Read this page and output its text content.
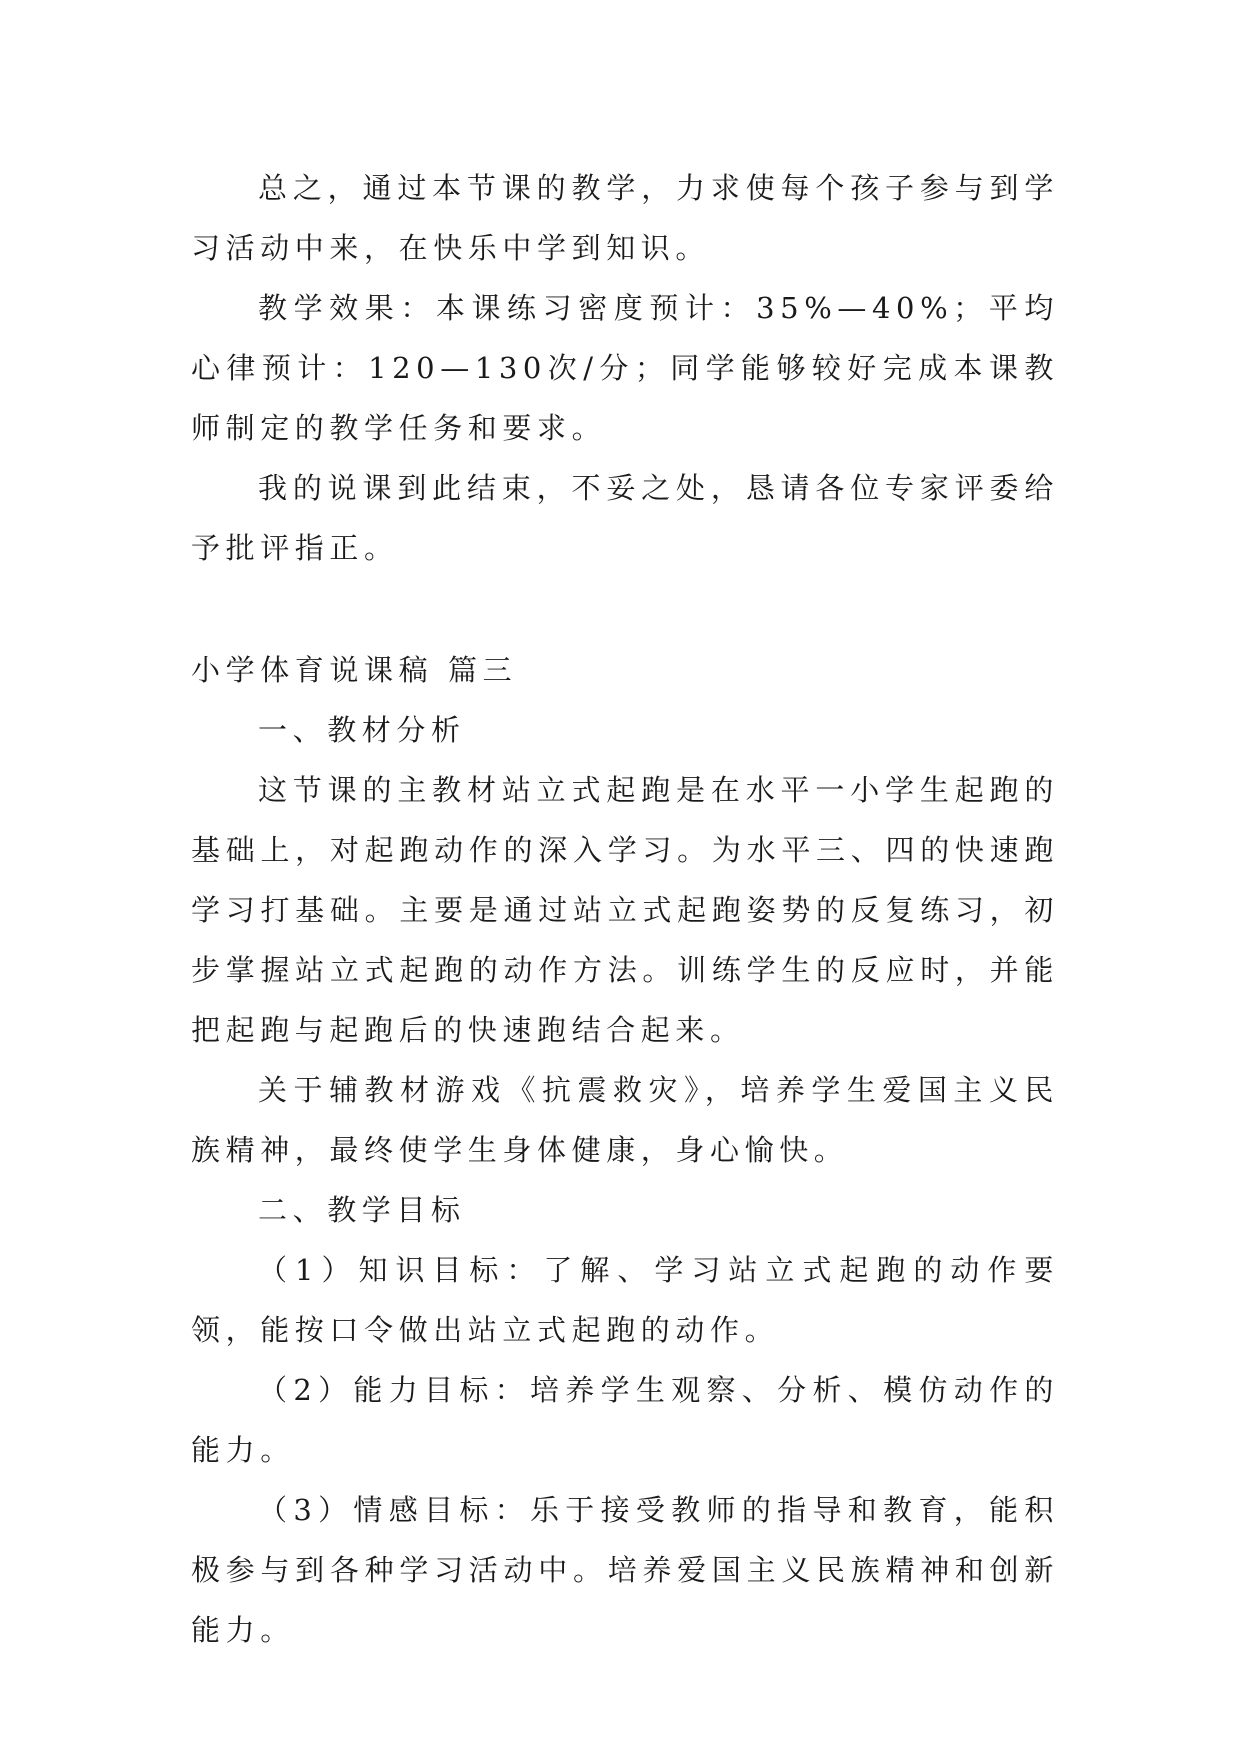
总之，通过本节课的教学，力求使每个孩子参与到学习活动中来，在快乐中学到知识。

教学效果：本课练习密度预计：35%—40%；平均心律预计：120—130次/分；同学能够较好完成本课教师制定的教学任务和要求。

我的说课到此结束，不妥之处，恳请各位专家评委给予批评指正。

小学体育说课稿 篇三

一、教材分析

这节课的主教材站立式起跑是在水平一小学生起跑的基础上，对起跑动作的深入学习。为水平三、四的快速跑学习打基础。主要是通过站立式起跑姿势的反复练习，初步掌握站立式起跑的动作方法。训练学生的反应时，并能把起跑与起跑后的快速跑结合起来。

关于辅教材游戏《抗震救灾》，培养学生爱国主义民族精神，最终使学生身体健康，身心愉快。

二、教学目标

（1）知识目标：了解、学习站立式起跑的动作要领，能按口令做出站立式起跑的动作。

（2）能力目标：培养学生观察、分析、模仿动作的能力。

（3）情感目标：乐于接受教师的指导和教育，能积极参与到各种学习活动中。培养爱国主义民族精神和创新能力。
